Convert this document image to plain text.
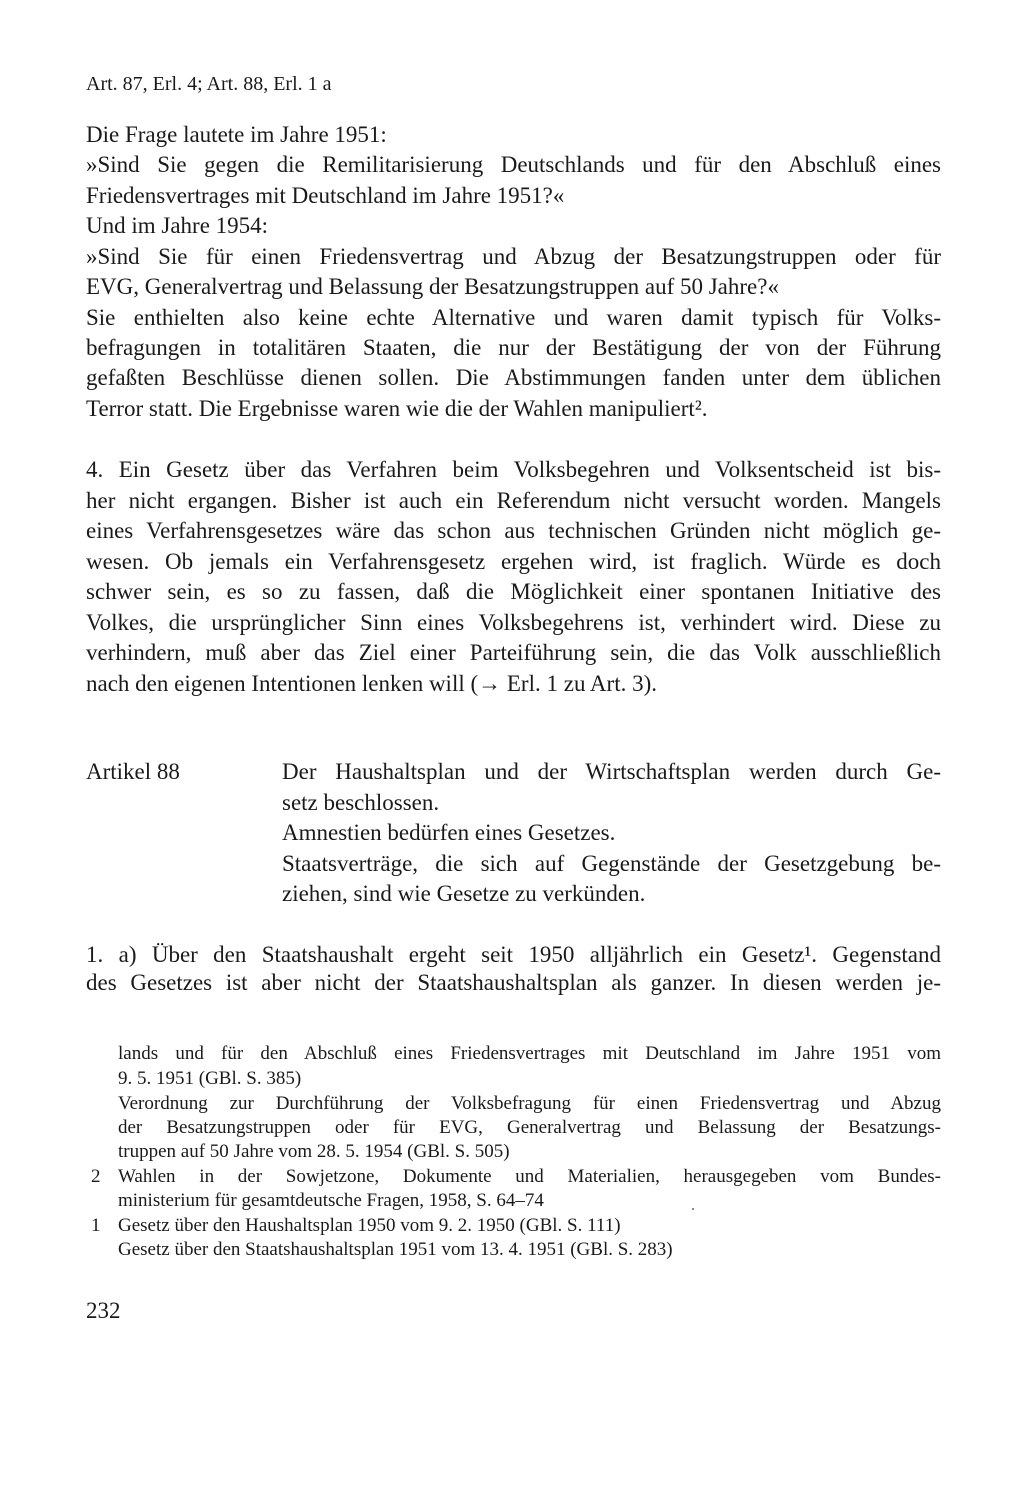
Art. 87, Erl. 4; Art. 88, Erl. 1 a
Die Frage lautete im Jahre 1951:
»Sind Sie gegen die Remilitarisierung Deutschlands und für den Abschluß eines
Friedensvertrages mit Deutschland im Jahre 1951?«
Und im Jahre 1954:
»Sind Sie für einen Friedensvertrag und Abzug der Besatzungstruppen oder für
EVG, Generalvertrag und Belassung der Besatzungstruppen auf 50 Jahre?«
Sie enthielten also keine echte Alternative und waren damit typisch für Volks-
befragungen in totalitären Staaten, die nur der Bestätigung der von der Führung
gefaßten Beschlüsse dienen sollen. Die Abstimmungen fanden unter dem üblichen
Terror statt. Die Ergebnisse waren wie die der Wahlen manipuliert².
4. Ein Gesetz über das Verfahren beim Volksbegehren und Volksentscheid ist bis-
her nicht ergangen. Bisher ist auch ein Referendum nicht versucht worden. Mangels
eines Verfahrensgesetzes wäre das schon aus technischen Gründen nicht möglich ge-
wesen. Ob jemals ein Verfahrensgesetz ergehen wird, ist fraglich. Würde es doch
schwer sein, es so zu fassen, daß die Möglichkeit einer spontanen Initiative des
Volkes, die ursprünglicher Sinn eines Volksbegehrens ist, verhindert wird. Diese zu
verhindern, muß aber das Ziel einer Parteiführung sein, die das Volk ausschließlich
nach den eigenen Intentionen lenken will (→ Erl. 1 zu Art. 3).
Artikel 88	Der Haushaltsplan und der Wirtschaftsplan werden durch Ge-
setz beschlossen.
Amnestien bedürfen eines Gesetzes.
Staatsverträge, die sich auf Gegenstände der Gesetzgebung be-
ziehen, sind wie Gesetze zu verkünden.
1. a) Über den Staatshaushalt ergeht seit 1950 alljährlich ein Gesetz¹. Gegenstand
des Gesetzes ist aber nicht der Staatshaushaltsplan als ganzer. In diesen werden je-
lands und für den Abschluß eines Friedensvertrages mit Deutschland im Jahre 1951 vom
9. 5. 1951 (GBl. S. 385)
Verordnung zur Durchführung der Volksbefragung für einen Friedensvertrag und Abzug
der Besatzungstruppen oder für EVG, Generalvertrag und Belassung der Besatzungs-
truppen auf 50 Jahre vom 28. 5. 1954 (GBl. S. 505)
2 Wahlen in der Sowjetzone, Dokumente und Materialien, herausgegeben vom Bundes-
ministerium für gesamtdeutsche Fragen, 1958, S. 64–74
1 Gesetz über den Haushaltsplan 1950 vom 9. 2. 1950 (GBl. S. 111)
Gesetz über den Staatshaushaltsplan 1951 vom 13. 4. 1951 (GBl. S. 283)
232
